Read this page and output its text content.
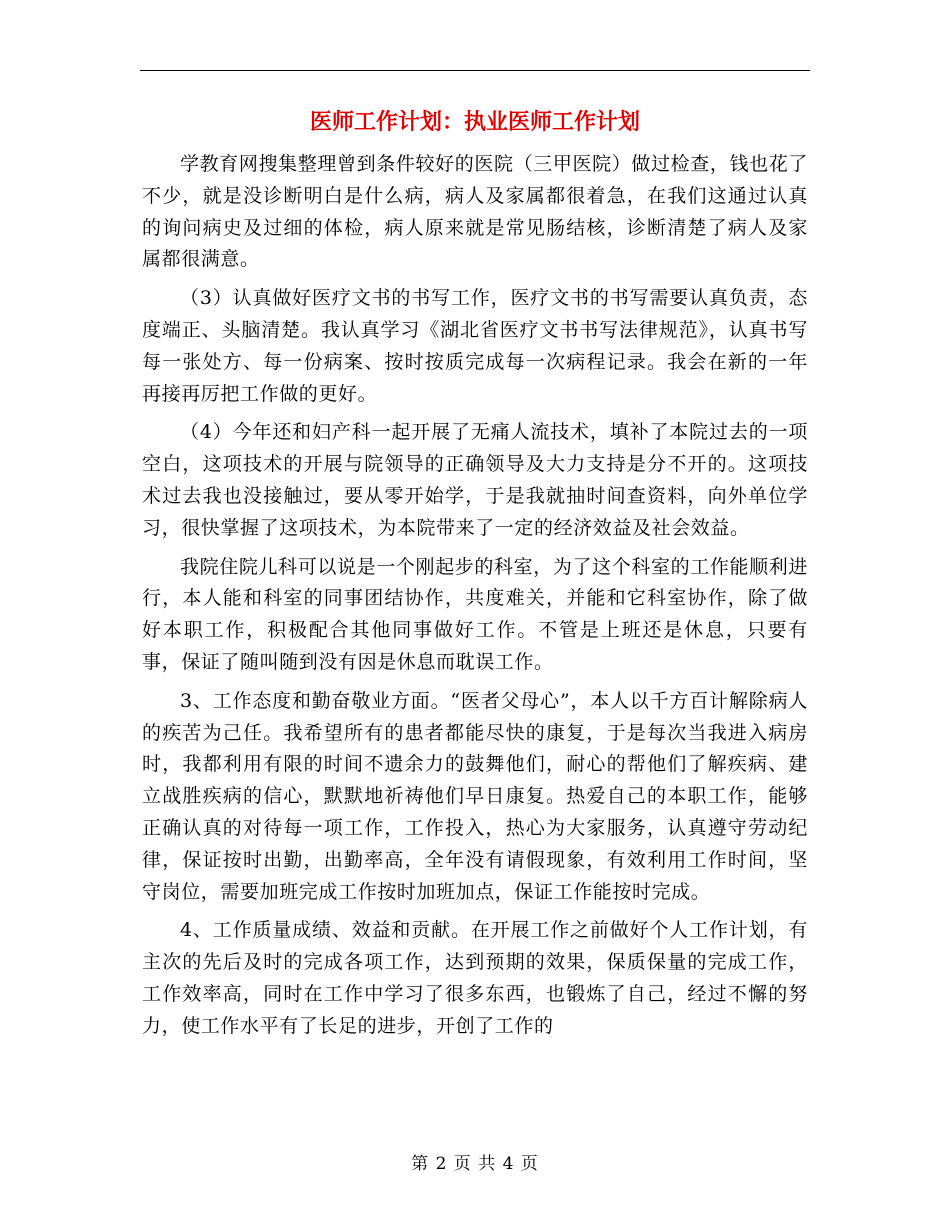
医师工作计划：执业医师工作计划

学教育网搜集整理曾到条件较好的医院（三甲医院）做过检查，钱也花了不少，就是没诊断明白是什么病，病人及家属都很着急，在我们这通过认真的询问病史及过细的体检，病人原来就是常见肠结核，诊断清楚了病人及家属都很满意。

（3）认真做好医疗文书的书写工作，医疗文书的书写需要认真负责，态度端正、头脑清楚。我认真学习《湖北省医疗文书书写法律规范》，认真书写每一张处方、每一份病案、按时按质完成每一次病程记录。我会在新的一年再接再厉把工作做的更好。

（4）今年还和妇产科一起开展了无痛人流技术，填补了本院过去的一项空白，这项技术的开展与院领导的正确领导及大力支持是分不开的。这项技术过去我也没接触过，要从零开始学，于是我就抽时间查资料，向外单位学习，很快掌握了这项技术，为本院带来了一定的经济效益及社会效益。

我院住院儿科可以说是一个刚起步的科室，为了这个科室的工作能顺利进行，本人能和科室的同事团结协作，共度难关，并能和它科室协作，除了做好本职工作，积极配合其他同事做好工作。不管是上班还是休息，只要有事，保证了随叫随到没有因是休息而耽误工作。

3、工作态度和勤奋敬业方面。“医者父母心”，本人以千方百计解除病人的疾苦为己任。我希望所有的患者都能尽快的康复，于是每次当我进入病房时，我都利用有限的时间不遗余力的鼓舞他们，耐心的帮他们了解疾病、建立战胜疾病的信心，默默地祈祷他们早日康复。热爱自己的本职工作，能够正确认真的对待每一项工作，工作投入，热心为大家服务，认真遵守劳动纪律，保证按时出勤，出勤率高，全年没有请假现象，有效利用工作时间，坚守岗位，需要加班完成工作按时加班加点，保证工作能按时完成。

4、工作质量成绩、效益和贡献。在开展工作之前做好个人工作计划，有主次的先后及时的完成各项工作，达到预期的效果，保质保量的完成工作，工作效率高，同时在工作中学习了很多东西，也锻炼了自己，经过不懈的努力，使工作水平有了长足的进步，开创了工作的

第 2 页 共 4 页
